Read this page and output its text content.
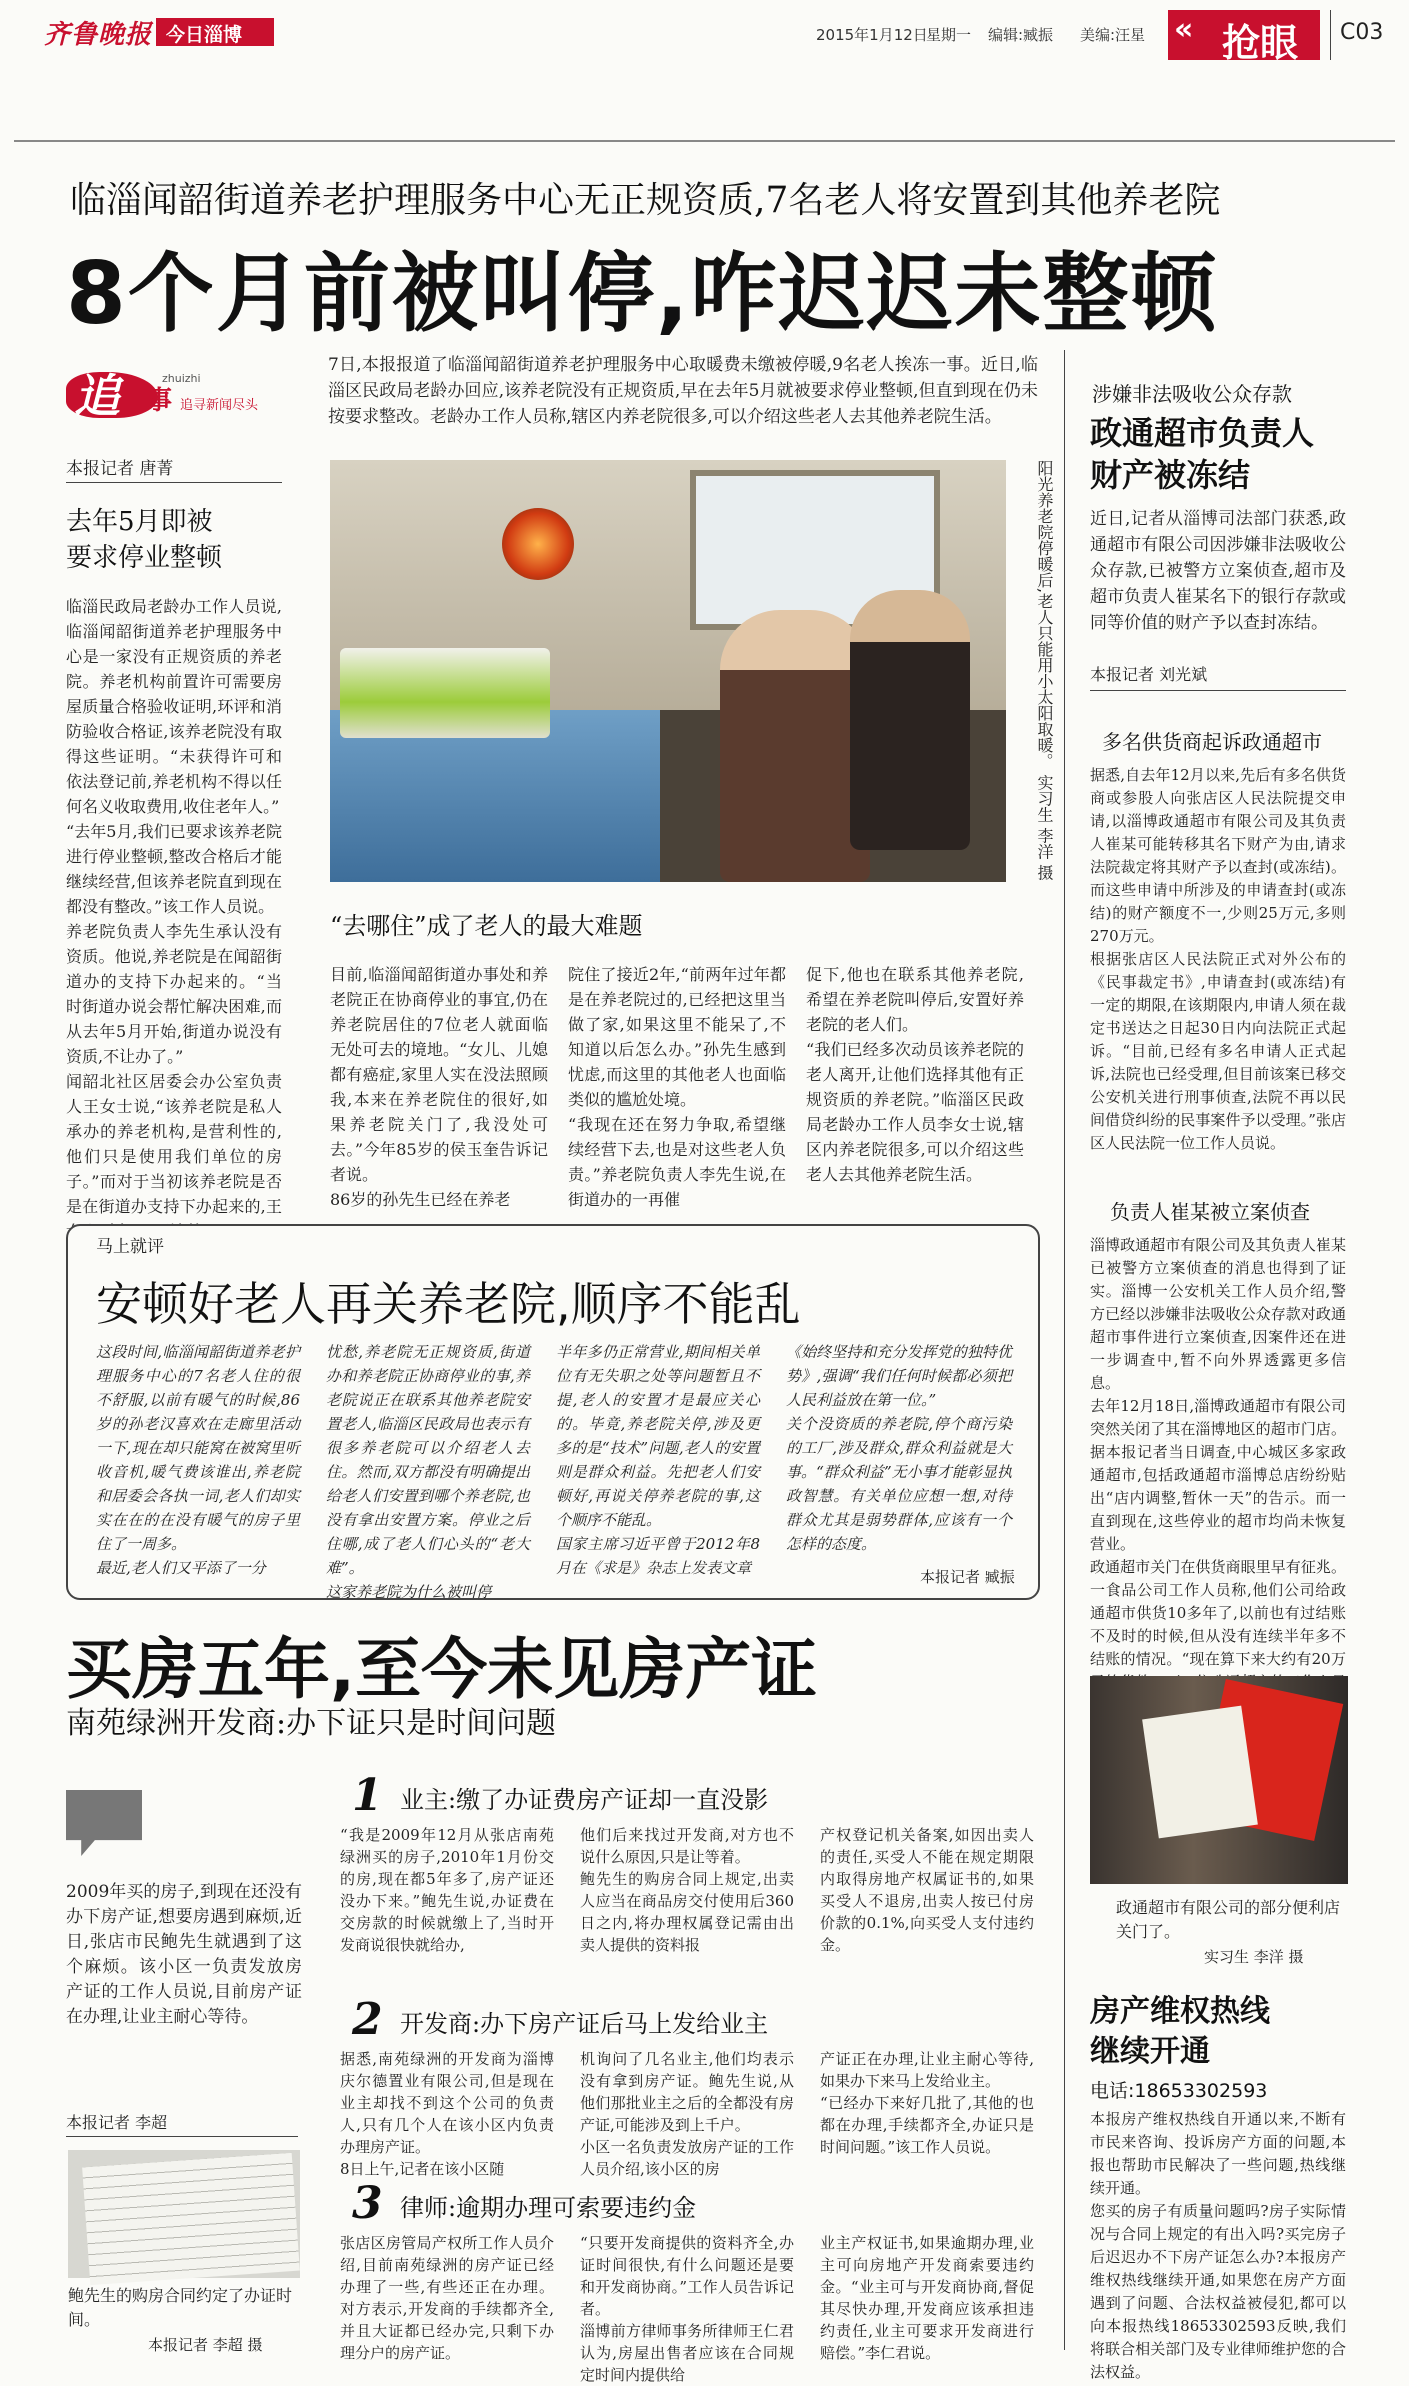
齐鲁晚报 今日淄博	2015年1月12日
星期一 编辑:臧振 美编:汪星 « 抢眼 C03
临淄闻韶街道养老护理服务中心无正规资质,7名老人将安置到其他养老院
8个月前被叫停,咋迟迟未整顿
追	zhuizhi
事 追寻新闻尽头
本报记者 唐菁
去年5月即被
要求停业整顿
临淄民政局老龄办工作人员说,临淄闻韶街道养老护理服务中心是一家没有正规资质的养老院。养老机构前置许可需要房屋质量合格验收证明,环评和消防验收合格证,该养老院没有取得这些证明。“未获得许可和依法登记前,养老机构不得以任何名义收取费用,收住老年人。”
“去年5月,我们已要求该养老院进行停业整顿,整改合格后才能继续经营,但该养老院直到现在都没有整改。”该工作人员说。
养老院负责人李先生承认没有资质。他说,养老院是在闻韶街道办的支持下办起来的。“当时街道办说会帮忙解决困难,而从去年5月开始,街道办说没有资质,不让办了。”
闻韶北社区居委会办公室负责人王女士说,“该养老院是私人承办的养老机构,是营利性的,他们只是使用我们单位的房子。”而对于当初该养老院是否是在街道办支持下办起来的,王
7日,本报报道了临淄闻韶街道养老护理服务中心取暖费未缴被停暖,9名老人挨冻一事。近日,临淄区民政局老龄办回应,该养老院没有正规资质,早在去年5月就被要求停业整顿,但直到现在仍未按要求整改。老龄办工作人员称,辖区内养老院很多,可以介绍这些老人去其他养老院生活。
阳光养老院停暖后,老人只能用小太阳取暖。 实习生 李洋 摄
“去哪住”成了老人的最大难题
目前,临淄闻韶街道办事处和养老院正在协商停业的事宜,仍在养老院居住的7位老人就面临无处可去的境地。“女儿、儿媳都有癌症,家里人实在没法照顾我,本来在养老院住的很好,如果养老院关门了,我没处可去。”今年85岁的侯玉奎告诉记者说。
86岁的孙先生已经在养老
院住了接近2年,“前两年过年都是在养老院过的,已经把这里当做了家,如果这里不能呆了,不知道以后怎么办。”孙先生感到忧虑,而这里的其他老人也面临类似的尴尬处境。
“我现在还在努力争取,希望继续经营下去,也是对这些老人负责。”养老院负责人李先生说,在街道办的一再催
促下,他也在联系其他养老院,希望在养老院叫停后,安置好养老院的老人们。
“我们已经多次动员该养老院的老人离开,让他们选择其他有正规资质的养老院。”临淄区民政局老龄办工作人员李女士说,辖区内养老院很多,可以介绍这些老人去其他养老院生活。
马上就评
安顿好老人再关养老院,顺序不能乱
这段时间,临淄闻韶街道养老护理服务中心的7名老人住的很不舒服,以前有暖气的时候,86岁的孙老汉喜欢在走廊里活动一下,现在却只能窝在被窝里听收音机,暖气费该谁出,养老院和居委会各执一词,老人们却实实在在的在没有暖气的房子里住了一周多。
最近,老人们又平添了一分
忧愁,养老院无正规资质,街道办和养老院正协商停业的事,养老院说正在联系其他养老院安置老人,临淄区民政局也表示有很多养老院可以介绍老人去住。然而,双方都没有明确提出给老人们安置到哪个养老院,也没有拿出安置方案。停业之后住哪,成了老人们心头的“老大难”。
这家养老院为什么被叫停
半年多仍正常营业,期间相关单位有无失职之处等问题暂且不提,老人的安置才是最应关心的。毕竟,养老院关停,涉及更多的是“技术”问题,老人的安置则是群众利益。先把老人们安顿好,再说关停养老院的事,这个顺序不能乱。
国家主席习近平曾于2012年8月在《求是》杂志上发表文章
《始终坚持和充分发挥党的独特优势》,强调“我们任何时候都必须把人民利益放在第一位。”
关个没资质的养老院,停个商污染的工厂,涉及群众,群众利益就是大事。“群众利益”无小事才能彰显执政智慧。有关单位应想一想,对待群众尤其是弱势群体,应该有一个怎样的态度。
本报记者 臧振
买房五年,至今未见房产证
南苑绿洲开发商:办下证只是时间问题
2009年买的房子,到现在还没有办下房产证,想要房遇到麻烦,近日,张店市民鲍先生就遇到了这个麻烦。该小区一负责发放房产证的工作人员说,目前房产证在办理,让业主耐心等待。
本报记者 李超
鲍先生的购房合同约定了办证时间。
本报记者 李超 摄
1 业主:缴了办证费房产证却一直没影
“我是2009年12月从张店南苑绿洲买的房子,2010年1月份交的房,现在都5年多了,房产证还没办下来。”鲍先生说,办证费在交房款的时候就缴上了,当时开发商说很快就给办,
他们后来找过开发商,对方也不说什么原因,只是让等着。
鲍先生的购房合同上规定,出卖人应当在商品房交付使用后360日之内,将办理权属登记需由出卖人提供的资料报
产权登记机关备案,如因出卖人的责任,买受人不能在规定期限内取得房地产权属证书的,如果买受人不退房,出卖人按已付房价款的0.1%,向买受人支付违约金。
2 开发商:办下房产证后马上发给业主
据悉,南苑绿洲的开发商为淄博庆尔德置业有限公司,但是现在业主却找不到这个公司的负责人,只有几个人在该小区内负责办理房产证。
8日上午,记者在该小区随
机询问了几名业主,他们均表示没有拿到房产证。鲍先生说,从他们那批业主之后的全都没有房产证,可能涉及到上千户。
小区一名负责发放房产证的工作人员介绍,该小区的房
产证正在办理,让业主耐心等待,如果办下来马上发给业主。
“已经办下来好几批了,其他的也都在办理,手续都齐全,办证只是时间问题。”该工作人员说。
3 律师:逾期办理可索要违约金
张店区房管局产权所工作人员介绍,目前南苑绿洲的房产证已经办理了一些,有些还正在办理。对方表示,开发商的手续都齐全,并且大证都已经办完,只剩下办理分户的房产证。
“只要开发商提供的资料齐全,办证时间很快,有什么问题还是要和开发商协商。”工作人员告诉记者。
淄博前方律师事务所律师王仁君认为,房屋出售者应该在合同规定时间内提供给
业主产权证书,如果逾期办理,业主可向房地产开发商索要违约金。“业主可与开发商协商,督促其尽快办理,开发商应该承担违约责任,业主可要求开发商进行赔偿。”李仁君说。
涉嫌非法吸收公众存款
政通超市负责人
财产被冻结
近日,记者从淄博司法部门获悉,政通超市有限公司因涉嫌非法吸收公众存款,已被警方立案侦查,超市及超市负责人崔某名下的银行存款或同等价值的财产予以查封冻结。
本报记者 刘光斌
多名供货商起诉政通超市
据悉,自去年12月以来,先后有多名供货商或参股人向张店区人民法院提交申请,以淄博政通超市有限公司及其负责人崔某可能转移其名下财产为由,请求法院裁定将其财产予以查封(或冻结)。而这些申请中所涉及的申请查封(或冻结)的财产额度不一,少则25万元,多则270万元。
根据张店区人民法院正式对外公布的《民事裁定书》,申请查封(或冻结)有一定的期限,在该期限内,申请人须在裁定书送达之日起30日内向法院正式起诉。“目前,已经有多名申请人正式起诉,法院也已经受理,但目前该案已移交公安机关进行刑事侦查,法院不再以民间借贷纠纷的民事案件予以受理。”张店区人民法院一位工作人员说。
负责人崔某被立案侦查
淄博政通超市有限公司及其负责人崔某已被警方立案侦查的消息也得到了证实。淄博一公安机关工作人员介绍,警方已经以涉嫌非法吸收公众存款对政通超市事件进行立案侦查,因案件还在进一步调查中,暂不向外界透露更多信息。
去年12月18日,淄博政通超市有限公司突然关闭了其在淄博地区的超市门店。据本报记者当日调查,中心城区多家政通超市,包括政通超市淄博总店纷纷贴出“店内调整,暂休一天”的告示。而一直到现在,这些停业的超市均尚未恢复营业。
政通超市关门在供货商眼里早有征兆。一食品公司工作人员称,他们公司给政通超市供货10多年了,以前也有过结账不及时的时候,但从没有连续半年多不结账的情况。“现在算下来大约有20万
政通超市有限公司的部分便利店关门了。
实习生 李洋 摄
房产维权热线
继续开通
电话:18653302593
本报房产维权热线自开通以来,不断有市民来咨询、投诉房产方面的问题,本报也帮助市民解决了一些问题,热线继续开通。
您买的房子有质量问题吗?房子实际情况与合同上规定的有出入吗?买完房子后迟迟办不下房产证怎么办?本报房产维权热线继续开通,如果您在房产方面遇到了问题、合法权益被侵犯,都可以向本报热线18653302593反映,我们将联合相关部门及专业律师维护您的合法权益。
